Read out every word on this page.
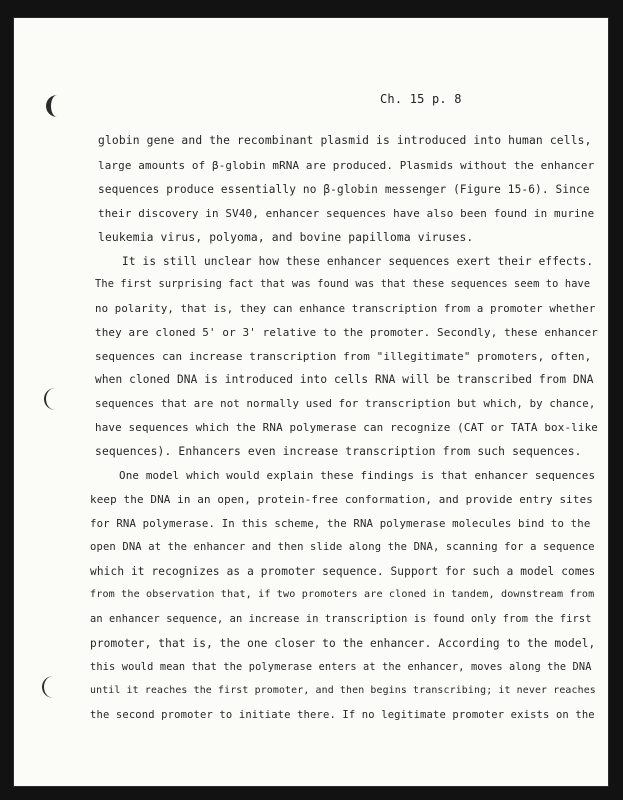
Ch. 15 p. 8
globin gene and the recombinant plasmid is introduced into human cells,
large amounts of β-globin mRNA are produced. Plasmids without the enhancer
sequences produce essentially no β-globin messenger (Figure 15-6). Since
their discovery in SV40, enhancer sequences have also been found in murine
leukemia virus, polyoma, and bovine papilloma viruses.
It is still unclear how these enhancer sequences exert their effects.
The first surprising fact that was found was that these sequences seem to have
no polarity, that is, they can enhance transcription from a promoter whether
they are cloned 5' or 3' relative to the promoter. Secondly, these enhancer
sequences can increase transcription from "illegitimate" promoters, often,
when cloned DNA is introduced into cells RNA will be transcribed from DNA
sequences that are not normally used for transcription but which, by chance,
have sequences which the RNA polymerase can recognize (CAT or TATA box-like
sequences). Enhancers even increase transcription from such sequences.
One model which would explain these findings is that enhancer sequences
keep the DNA in an open, protein-free conformation, and provide entry sites
for RNA polymerase. In this scheme, the RNA polymerase molecules bind to the
open DNA at the enhancer and then slide along the DNA, scanning for a sequence
which it recognizes as a promoter sequence. Support for such a model comes
from the observation that, if two promoters are cloned in tandem, downstream from
an enhancer sequence, an increase in transcription is found only from the first
promoter, that is, the one closer to the enhancer. According to the model,
this would mean that the polymerase enters at the enhancer, moves along the DNA
until it reaches the first promoter, and then begins transcribing; it never reaches
the second promoter to initiate there. If no legitimate promoter exists on the
